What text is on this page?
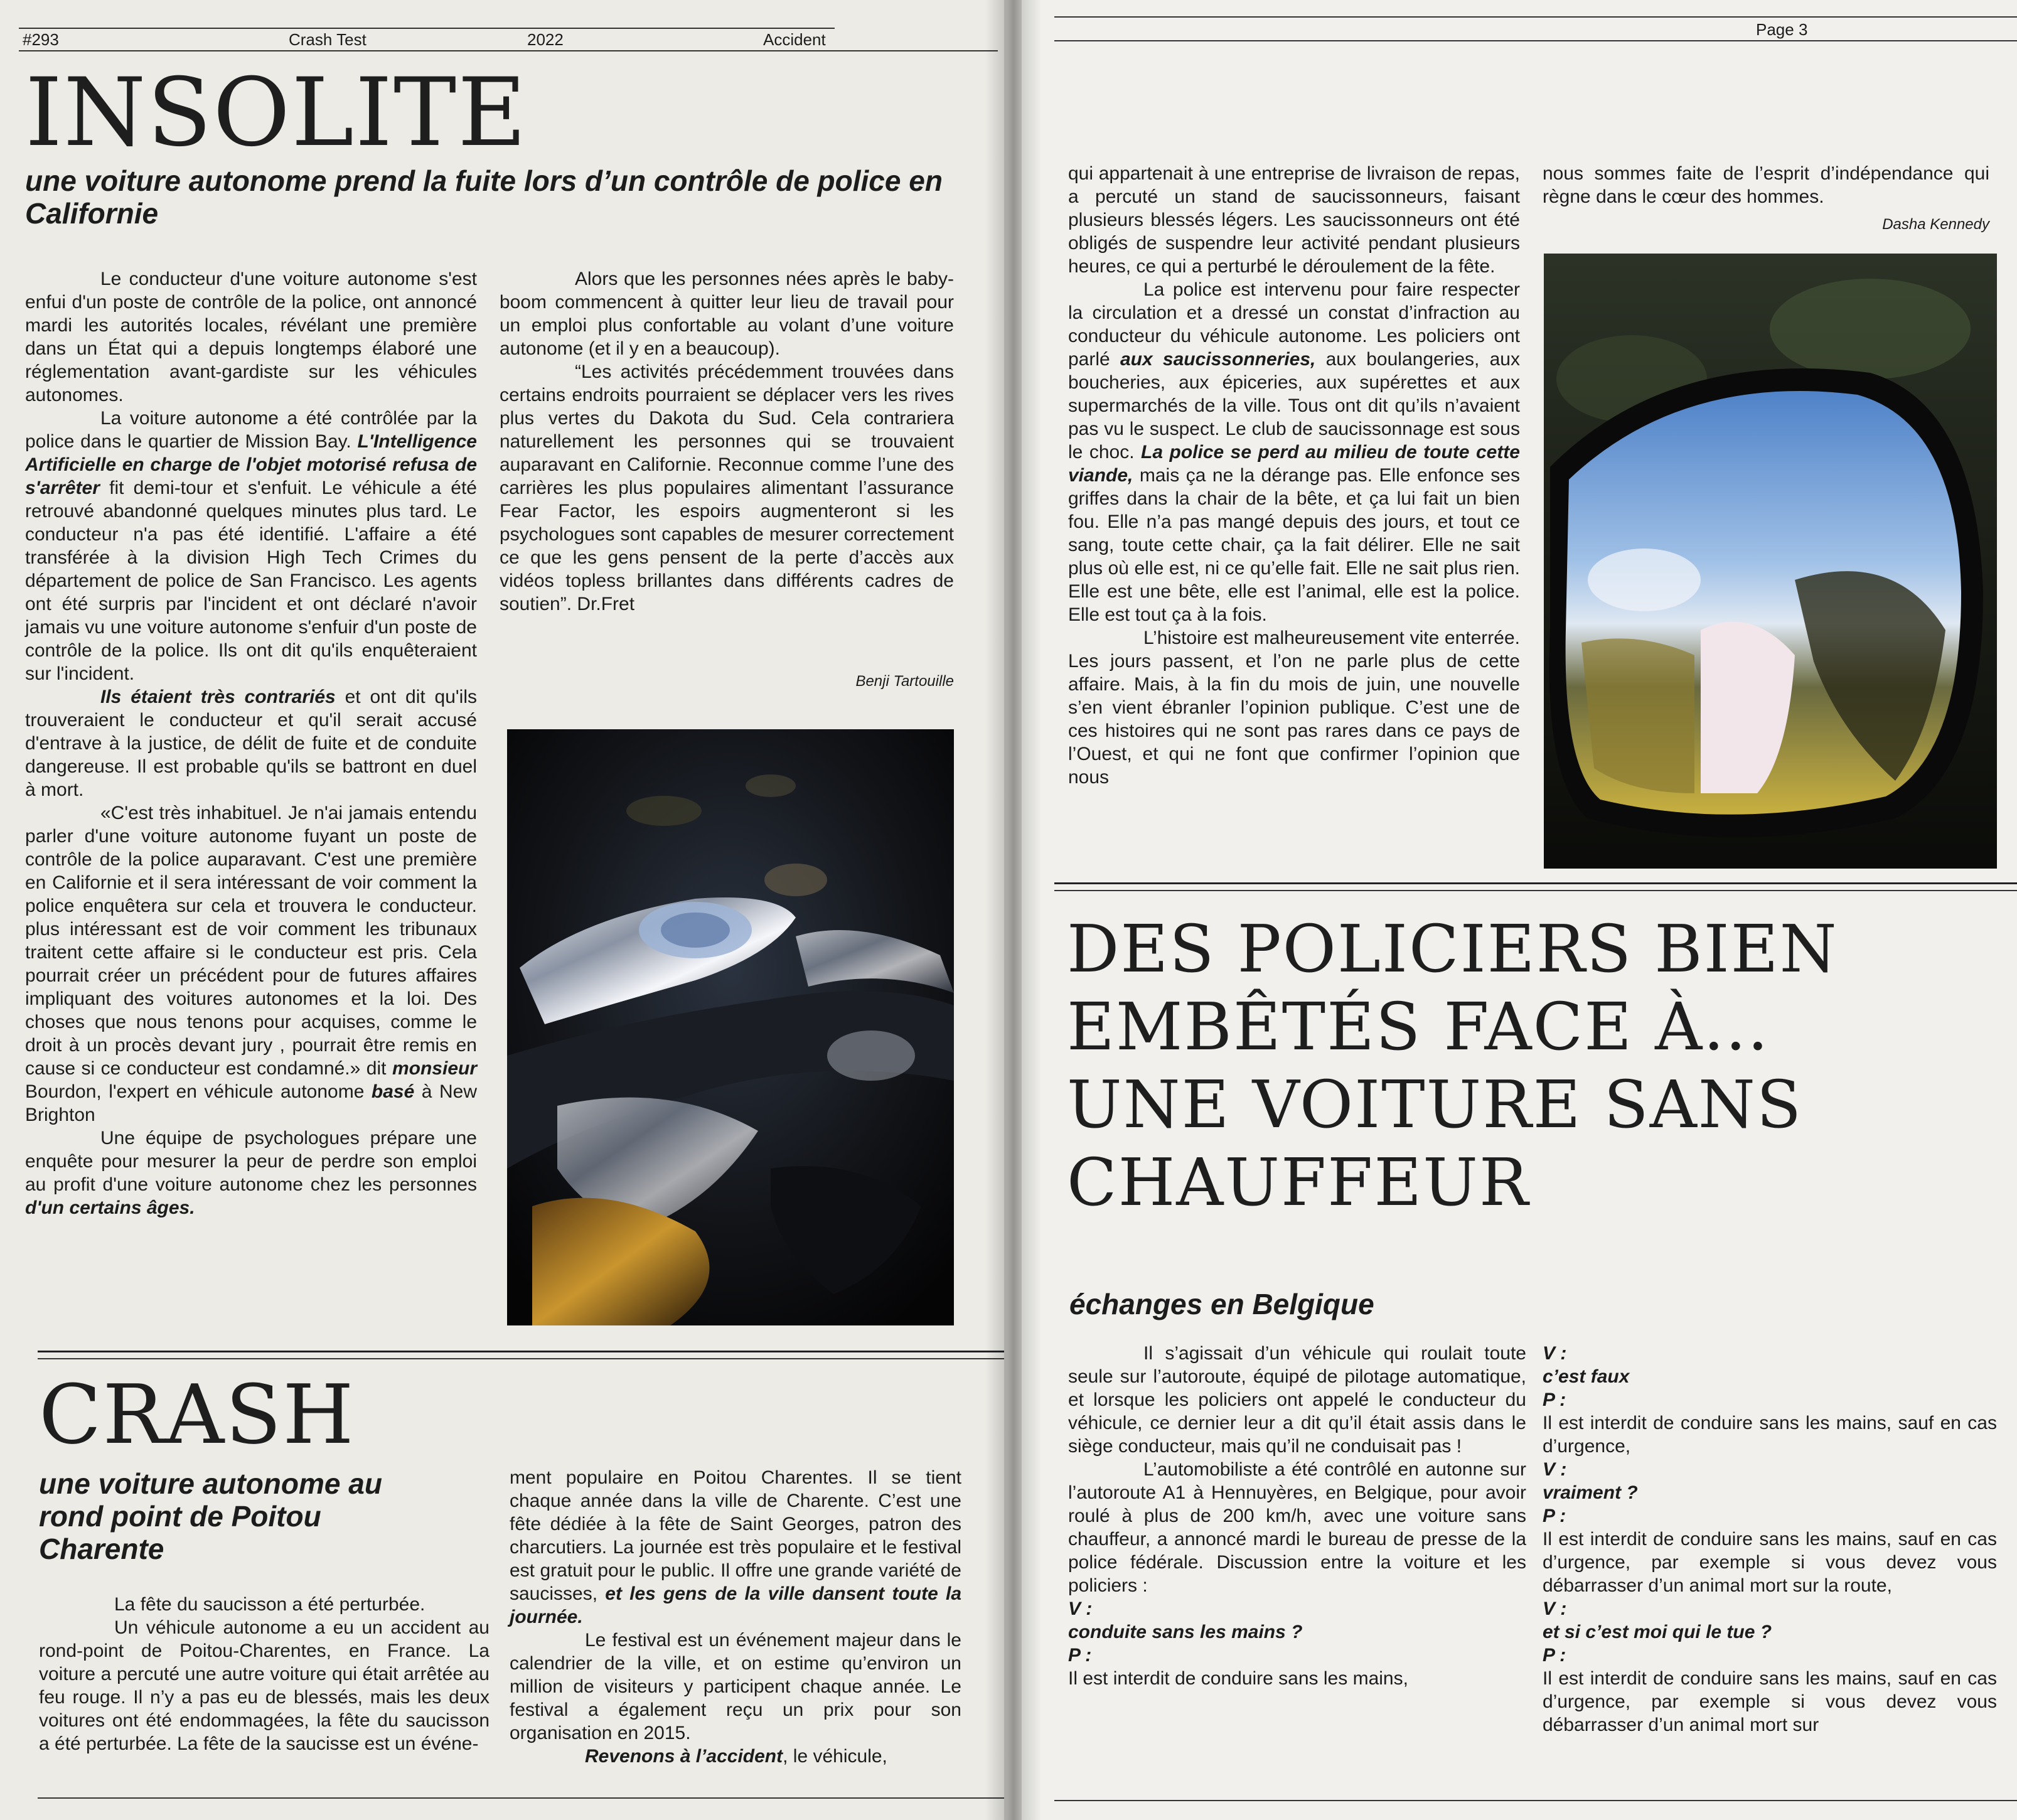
#293	Crash Test	2022	Accident
INSOLITE
une voiture autonome prend la fuite lors d’un contrôle de police en Californie

Le conducteur d'une voiture autonome s'est enfui d'un poste de contrôle de la police, ont annoncé mardi les autorités locales, révélant une première dans un État qui a depuis longtemps élaboré une réglementation avant-gardiste sur les véhicules autonomes.

La voiture autonome a été contrôlée par la police dans le quartier de Mission Bay. L'Intelligence Artificielle en charge de l'objet motorisé refusa de s'arrêter fit demi-tour et s'enfuit. Le véhicule a été retrouvé abandonné quelques minutes plus tard. Le conducteur n'a pas été identifié. L'affaire a été transférée à la division High Tech Crimes du département de police de San Francisco. Les agents ont été surpris par l'incident et ont déclaré n'avoir jamais vu une voiture autonome s'enfuir d'un poste de contrôle de la police. Ils ont dit qu'ils enquêteraient sur l'incident.

Ils étaient très contrariés et ont dit qu'ils trouveraient le conducteur et qu'il serait accusé d'entrave à la justice, de délit de fuite et de conduite dangereuse. Il est probable qu'ils se battront en duel à mort.

«C'est très inhabituel. Je n'ai jamais entendu parler d'une voiture autonome fuyant un poste de contrôle de la police auparavant. C'est une première en Californie et il sera intéressant de voir comment la police enquêtera sur cela et trouvera le conducteur. plus intéressant est de voir comment les tribunaux traitent cette affaire si le conducteur est pris. Cela pourrait créer un précédent pour de futures affaires impliquant des voitures autonomes et la loi. Des choses que nous tenons pour acquises, comme le droit à un procès devant jury , pourrait être remis en cause si ce conducteur est condamné.» dit monsieur Bourdon, l'expert en véhicule autonome basé à New Brighton

Une équipe de psychologues prépare une enquête pour mesurer la peur de perdre son emploi au profit d'une voiture autonome chez les personnes d'un certains âges.

Alors que les personnes nées après le baby-boom commencent à quitter leur lieu de travail pour un emploi plus confortable au volant d’une voiture autonome (et il y en a beaucoup).

“Les activités précédemment trouvées dans certains endroits pourraient se déplacer vers les rives plus vertes du Dakota du Sud. Cela contrariera naturellement les personnes qui se trouvaient auparavant en Californie. Reconnue comme l’une des carrières les plus populaires alimentant l’assurance Fear Factor, les espoirs augmenteront si les psychologues sont capables de mesurer correctement ce que les gens pensent de la perte d’accès aux vidéos topless brillantes dans différents cadres de soutien”. Dr.Fret

Benji Tartouille
CRASH
une voiture autonome au rond point de Poitou Charente

La fête du saucisson a été perturbée.

Un véhicule autonome a eu un accident au rond-point de Poitou-Charentes, en France. La voiture a percuté une autre voiture qui était arrêtée au feu rouge. Il n’y a pas eu de blessés, mais les deux voitures ont été endommagées, la fête du saucisson a été perturbée. La fête de la saucisse est un événe-

ment populaire en Poitou Charentes. Il se tient chaque année dans la ville de Charente. C’est une fête dédiée à la fête de Saint Georges, patron des charcutiers. La journée est très populaire et le festival est gratuit pour le public. Il offre une grande variété de saucisses, et les gens de la ville dansent toute la journée.

Le festival est un événement majeur dans le calendrier de la ville, et on estime qu’environ un million de visiteurs y participent chaque année. Le festival a également reçu un prix pour son organisation en 2015.

Revenons à l’accident, le véhicule,

Page 3

qui appartenait à une entreprise de livraison de repas, a percuté un stand de saucissonneurs, faisant plusieurs blessés légers. Les saucissonneurs ont été obligés de suspendre leur activité pendant plusieurs heures, ce qui a perturbé le déroulement de la fête.

La police est intervenu pour faire respecter la circulation et a dressé un constat d’infraction au conducteur du véhicule autonome. Les policiers ont parlé aux saucissonneries, aux boulangeries, aux boucheries, aux épiceries, aux supérettes et aux supermarchés de la ville. Tous ont dit qu’ils n’avaient pas vu le suspect. Le club de saucissonnage est sous le choc. La police se perd au milieu de toute cette viande, mais ça ne la dérange pas. Elle enfonce ses griffes dans la chair de la bête, et ça lui fait un bien fou. Elle n’a pas mangé depuis des jours, et tout ce sang, toute cette chair, ça la fait délirer. Elle ne sait plus où elle est, ni ce qu’elle fait. Elle ne sait plus rien. Elle est une bête, elle est l’animal, elle est la police. Elle est tout ça à la fois.

L’histoire est malheureusement vite enterrée. Les jours passent, et l’on ne parle plus de cette affaire. Mais, à la fin du mois de juin, une nouvelle s’en vient ébranler l’opinion publique. C’est une de ces histoires qui ne sont pas rares dans ce pays de l’Ouest, et qui ne font que confirmer l’opinion que nous

nous sommes faite de l’esprit d’indépendance qui règne dans le cœur des hommes.

Dasha Kennedy
DES POLICIERS BIEN
EMBÊTÉS FACE À...
UNE VOITURE SANS
CHAUFFEUR
échanges en Belgique

Il s’agissait d’un véhicule qui roulait toute seule sur l’autoroute, équipé de pilotage automatique, et lorsque les policiers ont appelé le conducteur du véhicule, ce dernier leur a dit qu’il était assis dans le siège conducteur, mais qu’il ne conduisait pas !

L’automobiliste a été contrôlé en autonne sur l’autoroute A1 à Hennuyères, en Belgique, pour avoir roulé à plus de 200 km/h, avec une voiture sans chauffeur, a annoncé mardi le bureau de presse de la police fédérale. Discussion entre la voiture et les policiers :

V :

conduite sans les mains ?

P :

Il est interdit de conduire sans les mains,

V :

c’est faux

P :

Il est interdit de conduire sans les mains, sauf en cas d’urgence,

V :

vraiment ?

P :

Il est interdit de conduire sans les mains, sauf en cas d’urgence, par exemple si vous devez vous débarrasser d’un animal mort sur la route,

V :

et si c’est moi qui le tue ?

P :

Il est interdit de conduire sans les mains, sauf en cas d’urgence, par exemple si vous devez vous débarrasser d’un animal mort sur
